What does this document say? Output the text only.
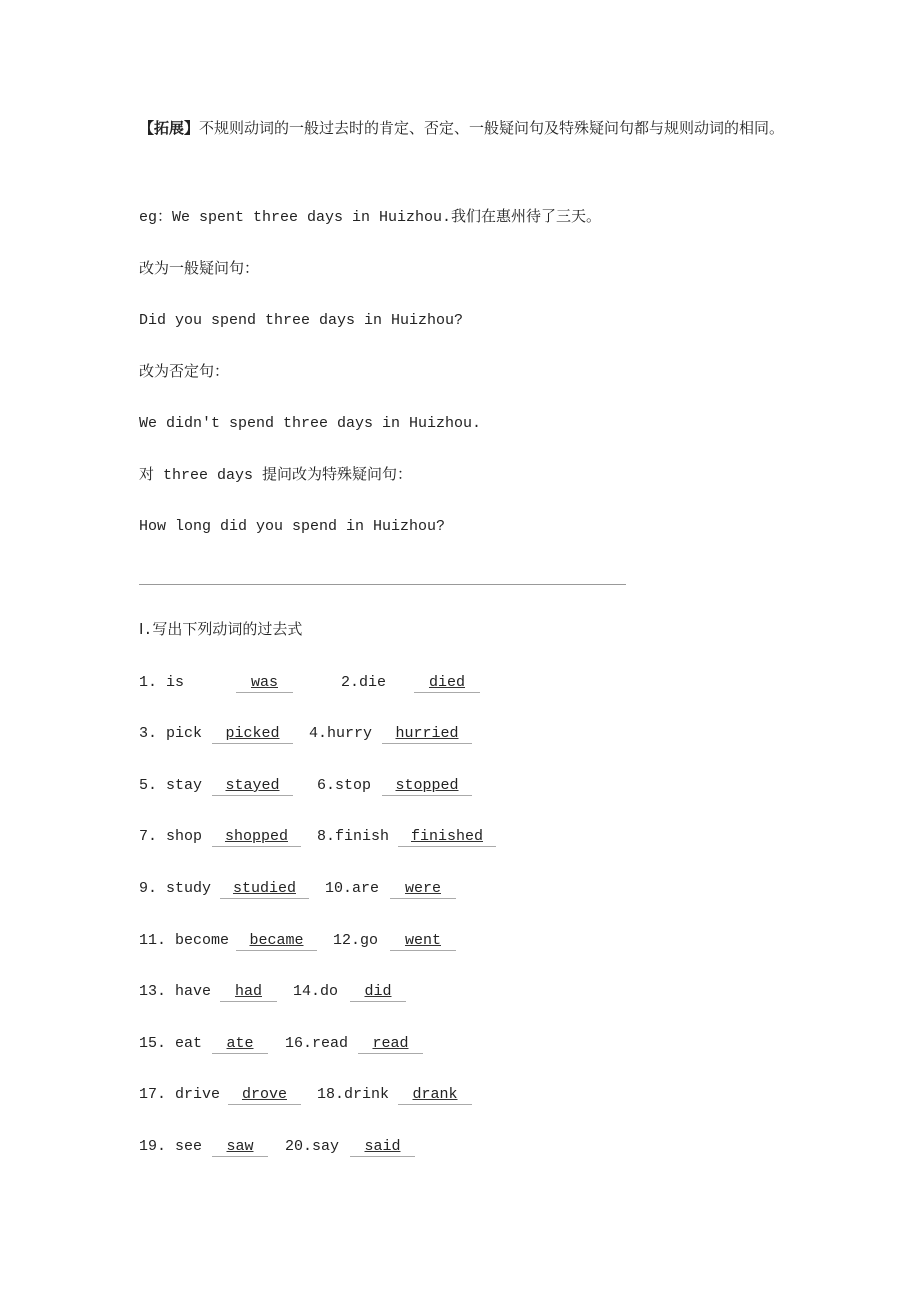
【拓展】不规则动词的一般过去时的肯定、否定、一般疑问句及特殊疑问句都与规则动词的相同。
eg：We spent three days in Huizhou.我们在惠州待了三天。
改为一般疑问句：
Did you spend three days in Huizhou?
改为否定句：
We didn't spend three days in Huizhou.
对 three days 提问改为特殊疑问句：
How long did you spend in Huizhou?
Ⅰ.写出下列动词的过去式
1. is	was	2.die	died
3. pick	picked	4.hurry	hurried
5. stay	stayed	6.stop	stopped
7. shop	shopped	8.finish	finished
9. study	studied	10.are	were
11. become	became	12.go	went
13. have	had	14.do	did
15. eat	ate	16.read	read
17. drive	drove	18.drink	drank
19. see	saw	20.say	said
